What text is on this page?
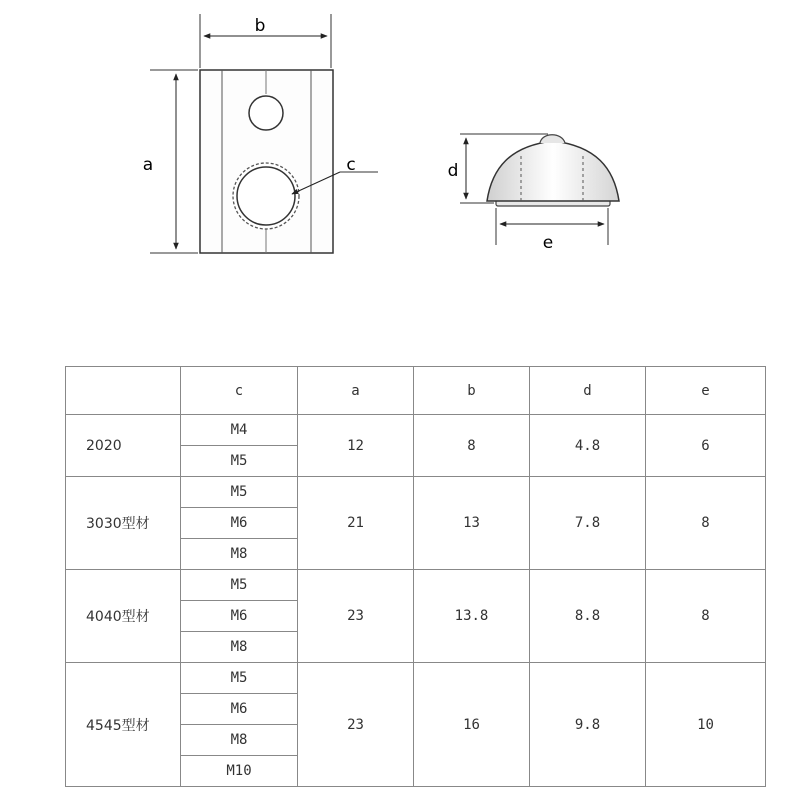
b
a	c	d
e
	c	a	b	d	e
2020	M4	12	8	4.8	6
	M5				
3030型材	M5	21	13	7.8	8
	M6				
	M8				
4040型材	M5	23	13.8	8.8	8
	M6				
	M8				
4545型材	M5	23	16	9.8	10
	M6				
	M8				
	M10				
